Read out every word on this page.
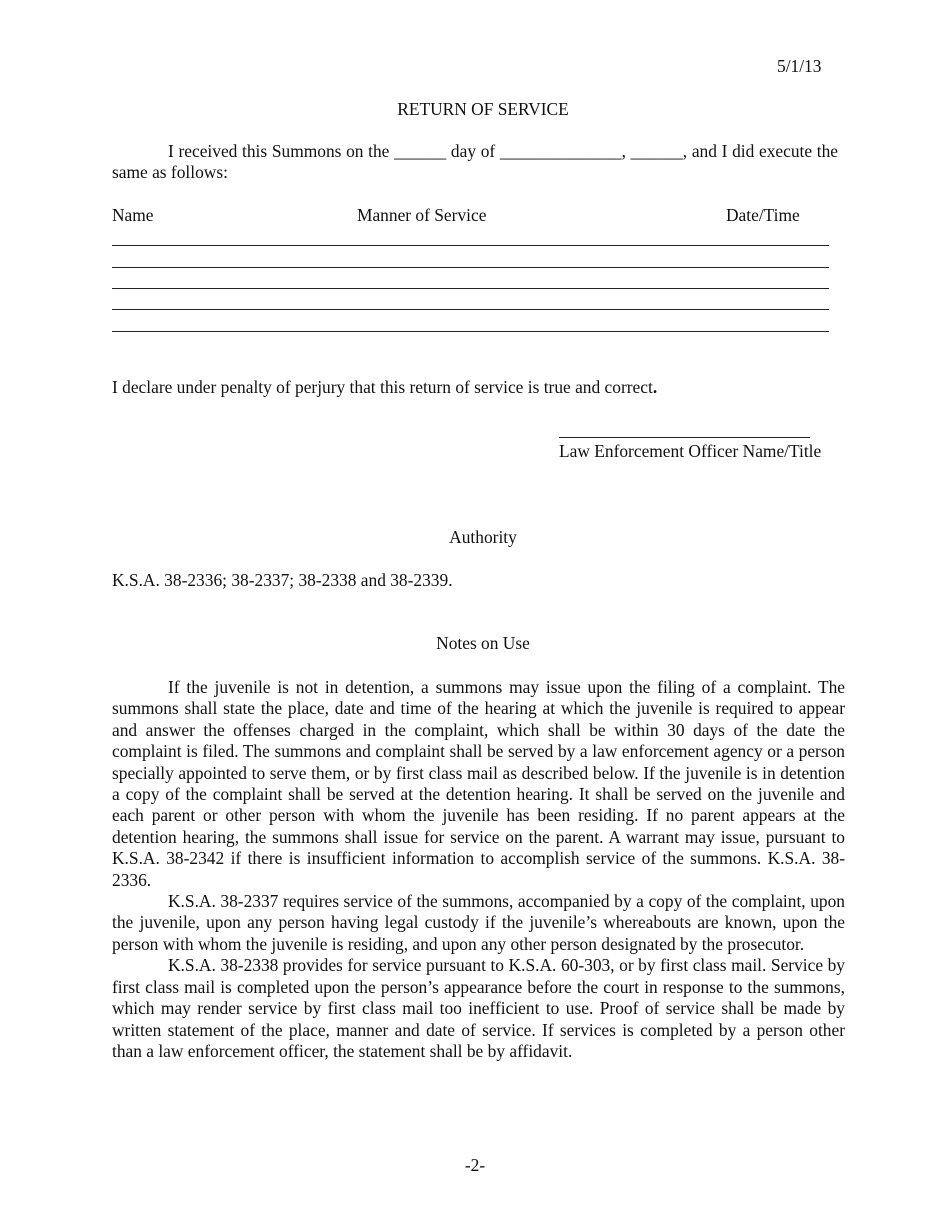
5/1/13
RETURN OF SERVICE
I received this Summons on the ______ day of ______________, ______, and I did execute the same as follows:
Name	Manner of Service	Date/Time
I declare under penalty of perjury that this return of service is true and correct.
Law Enforcement Officer Name/Title
Authority
K.S.A. 38-2336; 38-2337; 38-2338 and 38-2339.
Notes on Use

If the juvenile is not in detention, a summons may issue upon the filing of a complaint. The summons shall state the place, date and time of the hearing at which the juvenile is required to appear and answer the offenses charged in the complaint, which shall be within 30 days of the date the complaint is filed. The summons and complaint shall be served by a law enforcement agency or a person specially appointed to serve them, or by first class mail as described below. If the juvenile is in detention a copy of the complaint shall be served at the detention hearing. It shall be served on the juvenile and each parent or other person with whom the juvenile has been residing. If no parent appears at the detention hearing, the summons shall issue for service on the parent. A warrant may issue, pursuant to K.S.A. 38-2342 if there is insufficient information to accomplish service of the summons. K.S.A. 38-2336.

K.S.A. 38-2337 requires service of the summons, accompanied by a copy of the complaint, upon the juvenile, upon any person having legal custody if the juvenile’s whereabouts are known, upon the person with whom the juvenile is residing, and upon any other person designated by the prosecutor.

K.S.A. 38-2338 provides for service pursuant to K.S.A. 60-303, or by first class mail. Service by first class mail is completed upon the person’s appearance before the court in response to the summons, which may render service by first class mail too inefficient to use. Proof of service shall be made by written statement of the place, manner and date of service. If services is completed by a person other than a law enforcement officer, the statement shall be by affidavit.

-2-
